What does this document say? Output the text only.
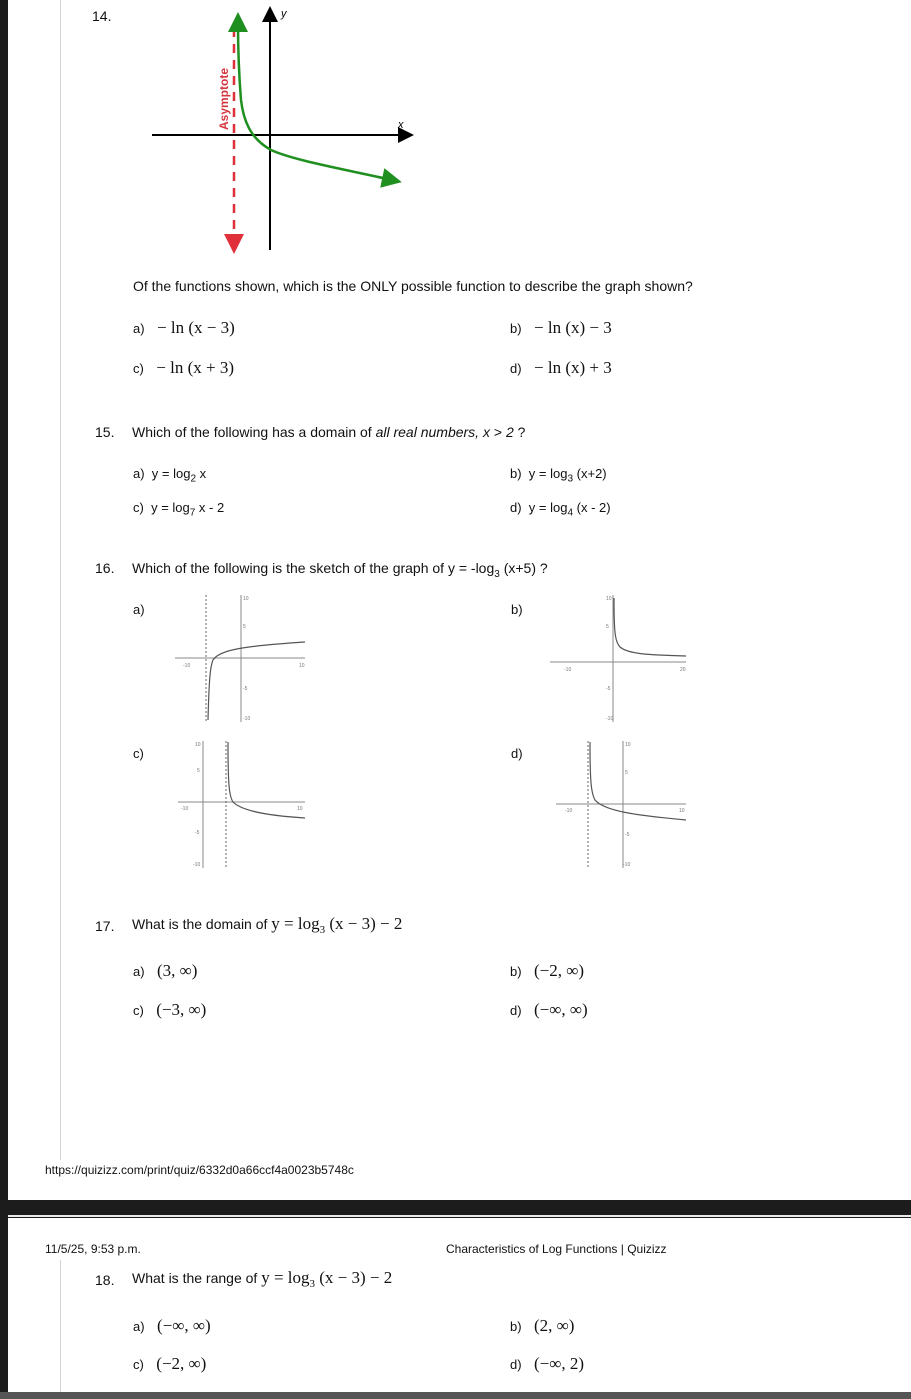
14.
x
y
Asymptote
Of the functions shown, which is the ONLY possible function to describe the graph shown?
a) − ln (x − 3)	b) − ln (x) − 3
c) − ln (x + 3)	d) − ln (x) + 3
15. Which of the following has a domain of all real numbers, x > 2 ?
a) $y = \log_2 x$	b) $y = \log_3 (x+2)$
c) $y = \log_7 x - 2$	d) $y = \log_4 (x - 2)$
16. Which of the following is the sketch of the graph of $y = -\log_3$ (x+5) ?
a)
-10	10
10
5
-5
-10
b)
-10	20
10
5
-5
-10
c)
-10	10
10
5
-5
-10
d)
-10	10
10
5
-5
-10
17. What is the domain of $y = \log_3 (x - 3) - 2$
a) (3, ∞)	b) (−2, ∞)
c) (−3, ∞)	d) (−∞, ∞)
https://quizizz.com/print/quiz/6332d0a66ccf4a0023b5748c
11/5/25, 9:53 p.m.	Characteristics of Log Functions | Quizizz
18. What is the range of $y = \log_3 (x - 3) - 2$
a) (−∞, ∞)	b) (2, ∞)
c) (−2, ∞)	d) (−∞, 2)
